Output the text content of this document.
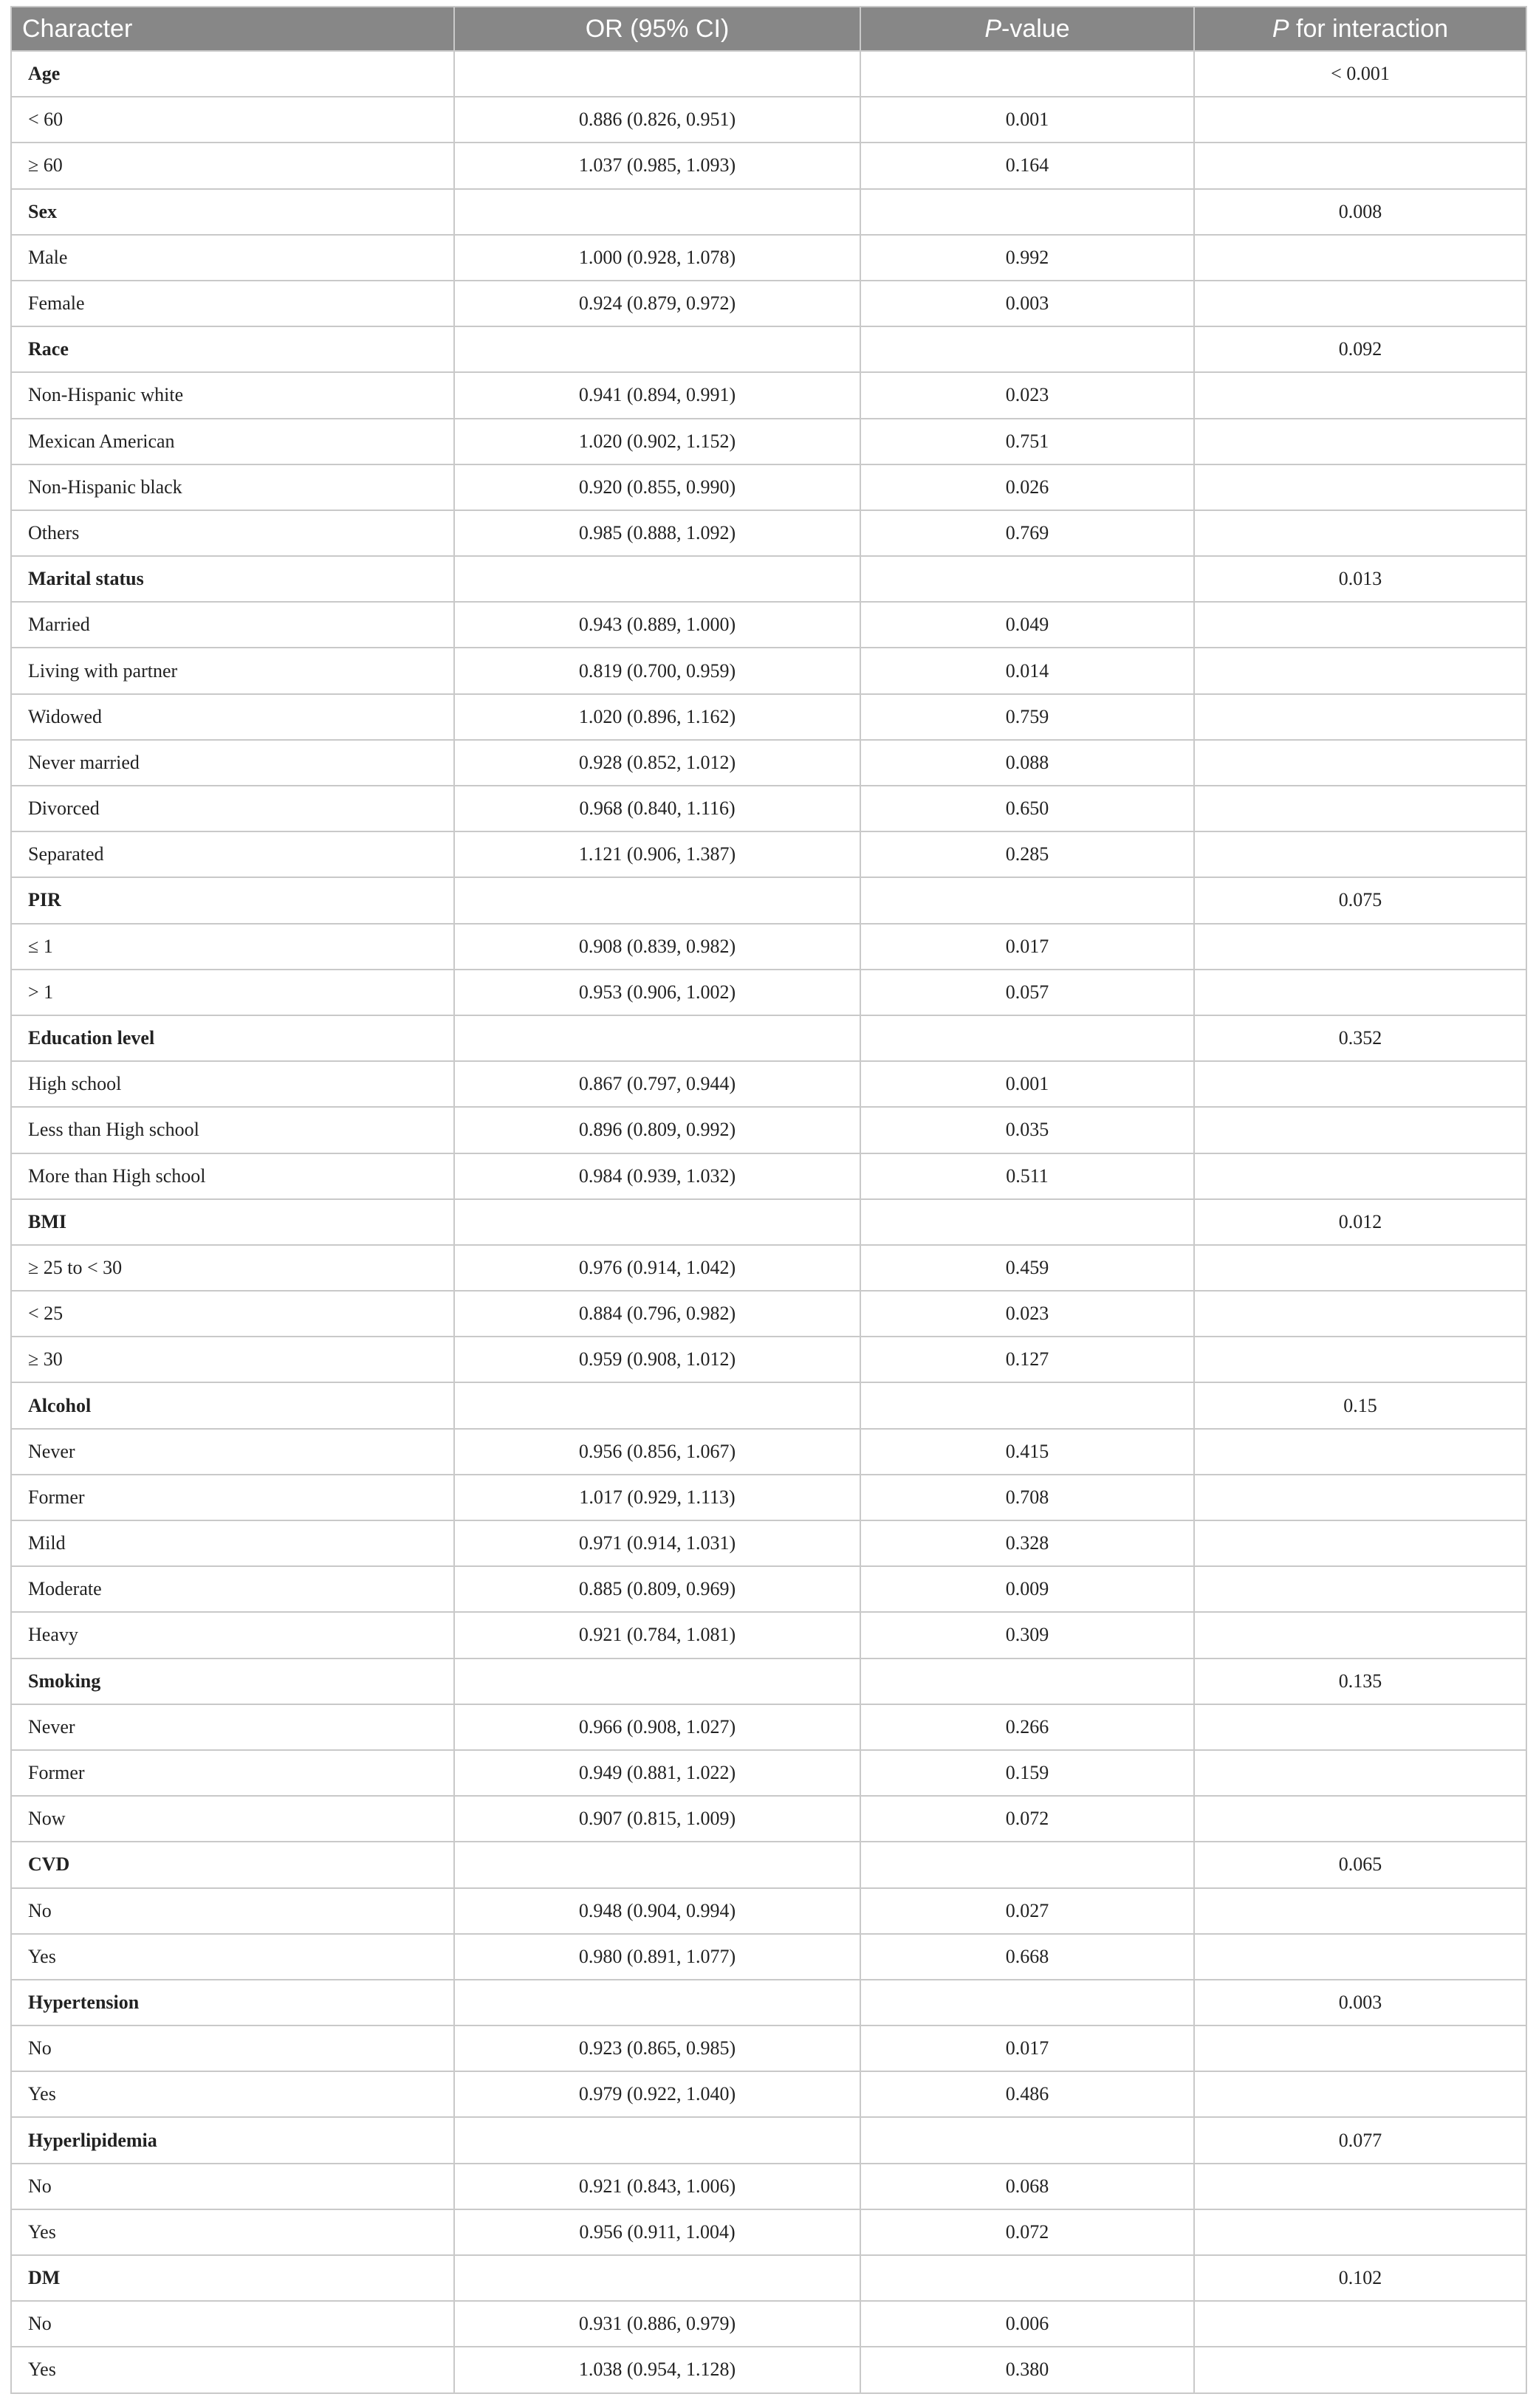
Character	OR (95% CI)	P-value	P for interaction
Age			< 0.001
< 60	0.886 (0.826, 0.951)	0.001	
≥ 60	1.037 (0.985, 1.093)	0.164	
Sex			0.008
Male	1.000 (0.928, 1.078)	0.992	
Female	0.924 (0.879, 0.972)	0.003	
Race			0.092
Non-Hispanic white	0.941 (0.894, 0.991)	0.023	
Mexican American	1.020 (0.902, 1.152)	0.751	
Non-Hispanic black	0.920 (0.855, 0.990)	0.026	
Others	0.985 (0.888, 1.092)	0.769	
Marital status			0.013
Married	0.943 (0.889, 1.000)	0.049	
Living with partner	0.819 (0.700, 0.959)	0.014	
Widowed	1.020 (0.896, 1.162)	0.759	
Never married	0.928 (0.852, 1.012)	0.088	
Divorced	0.968 (0.840, 1.116)	0.650	
Separated	1.121 (0.906, 1.387)	0.285	
PIR			0.075
≤ 1	0.908 (0.839, 0.982)	0.017	
> 1	0.953 (0.906, 1.002)	0.057	
Education level			0.352
High school	0.867 (0.797, 0.944)	0.001	
Less than High school	0.896 (0.809, 0.992)	0.035	
More than High school	0.984 (0.939, 1.032)	0.511	
BMI			0.012
≥ 25 to < 30	0.976 (0.914, 1.042)	0.459	
< 25	0.884 (0.796, 0.982)	0.023	
≥ 30	0.959 (0.908, 1.012)	0.127	
Alcohol			0.15
Never	0.956 (0.856, 1.067)	0.415	
Former	1.017 (0.929, 1.113)	0.708	
Mild	0.971 (0.914, 1.031)	0.328	
Moderate	0.885 (0.809, 0.969)	0.009	
Heavy	0.921 (0.784, 1.081)	0.309	
Smoking			0.135
Never	0.966 (0.908, 1.027)	0.266	
Former	0.949 (0.881, 1.022)	0.159	
Now	0.907 (0.815, 1.009)	0.072	
CVD			0.065
No	0.948 (0.904, 0.994)	0.027	
Yes	0.980 (0.891, 1.077)	0.668	
Hypertension			0.003
No	0.923 (0.865, 0.985)	0.017	
Yes	0.979 (0.922, 1.040)	0.486	
Hyperlipidemia			0.077
No	0.921 (0.843, 1.006)	0.068	
Yes	0.956 (0.911, 1.004)	0.072	
DM			0.102
No	0.931 (0.886, 0.979)	0.006	
Yes	1.038 (0.954, 1.128)	0.380	
